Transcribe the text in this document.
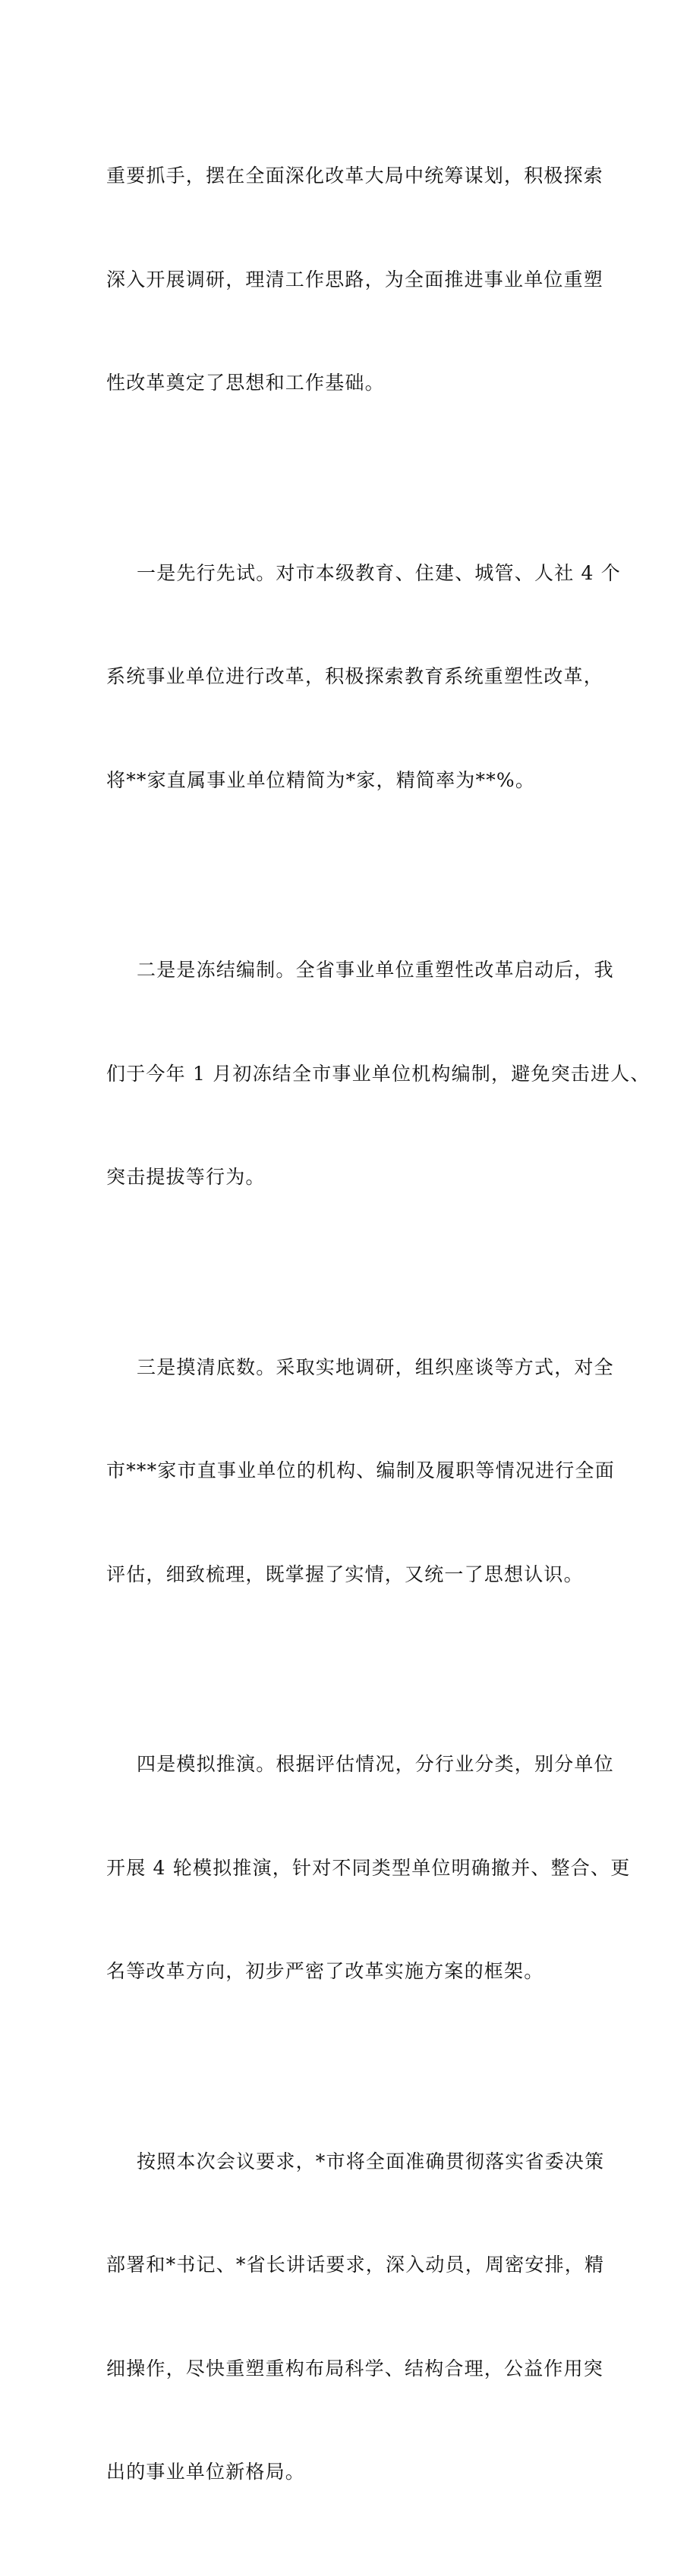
重要抓手，摆在全面深化改革大局中统筹谋划，积极探索

深入开展调研，理清工作思路，为全面推进事业单位重塑

性改革奠定了思想和工作基础。

一是先行先试。对市本级教育、住建、城管、人社 4 个

系统事业单位进行改革，积极探索教育系统重塑性改革，

将**家直属事业单位精简为*家，精简率为**%。

二是是冻结编制。全省事业单位重塑性改革启动后，我

们于今年 1 月初冻结全市事业单位机构编制，避免突击进人、

突击提拔等行为。

三是摸清底数。采取实地调研，组织座谈等方式，对全

市***家市直事业单位的机构、编制及履职等情况进行全面

评估，细致梳理，既掌握了实情，又统一了思想认识。

四是模拟推演。根据评估情况，分行业分类，别分单位

开展 4 轮模拟推演，针对不同类型单位明确撤并、整合、更

名等改革方向，初步严密了改革实施方案的框架。

按照本次会议要求，*市将全面准确贯彻落实省委决策

部署和*书记、*省长讲话要求，深入动员，周密安排，精

细操作，尽快重塑重构布局科学、结构合理，公益作用突

出的事业单位新格局。
